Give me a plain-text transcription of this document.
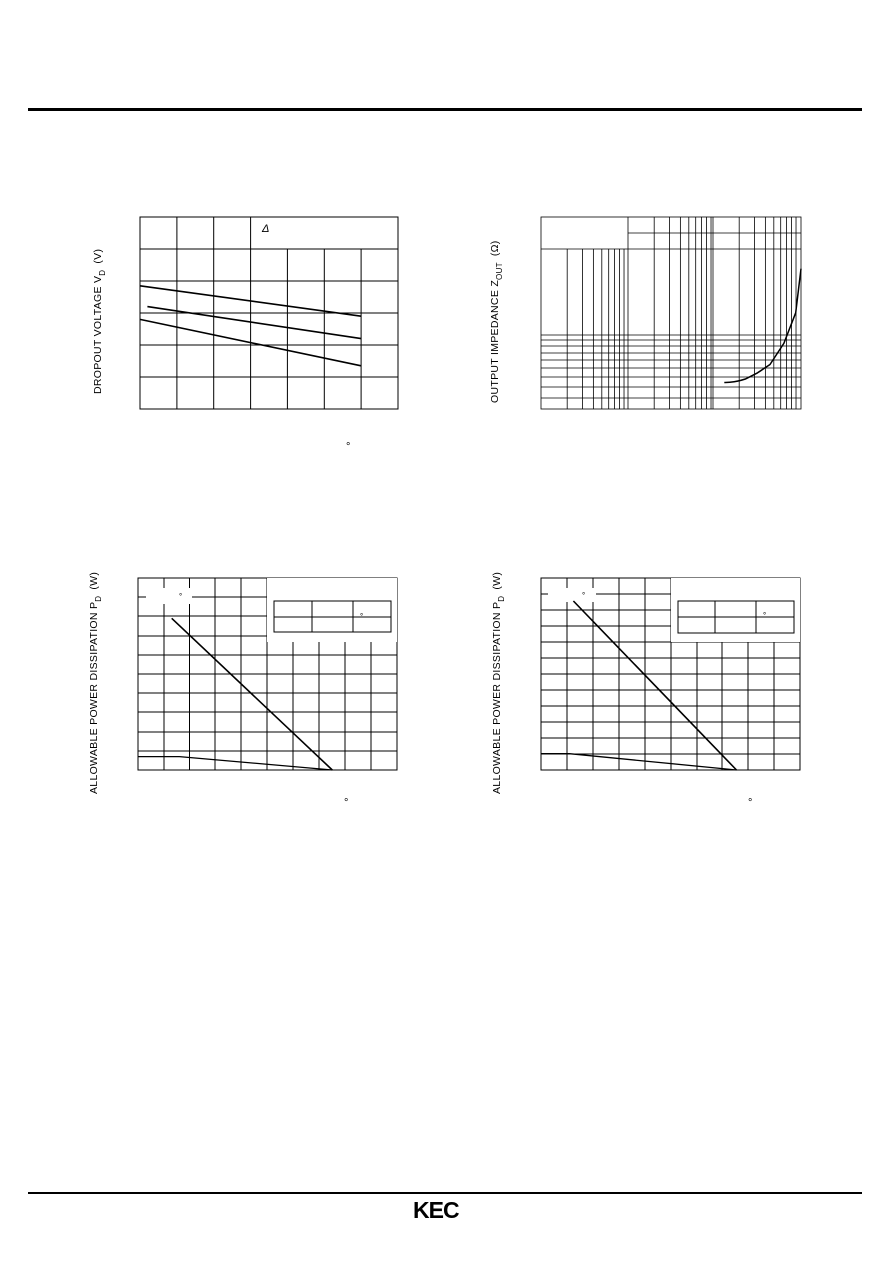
Δ
°
DROPOUT VOLTAGE $V_D(V)$
OUTPUT IMPEDANCE $Z_{OUT}(\Omega)$
°
°
°
ALLOWABLE POWER DISSIPATION $P_D(W)$
°
°
°
ALLOWABLE POWER DISSIPATION $P_D(W)$
KEC
